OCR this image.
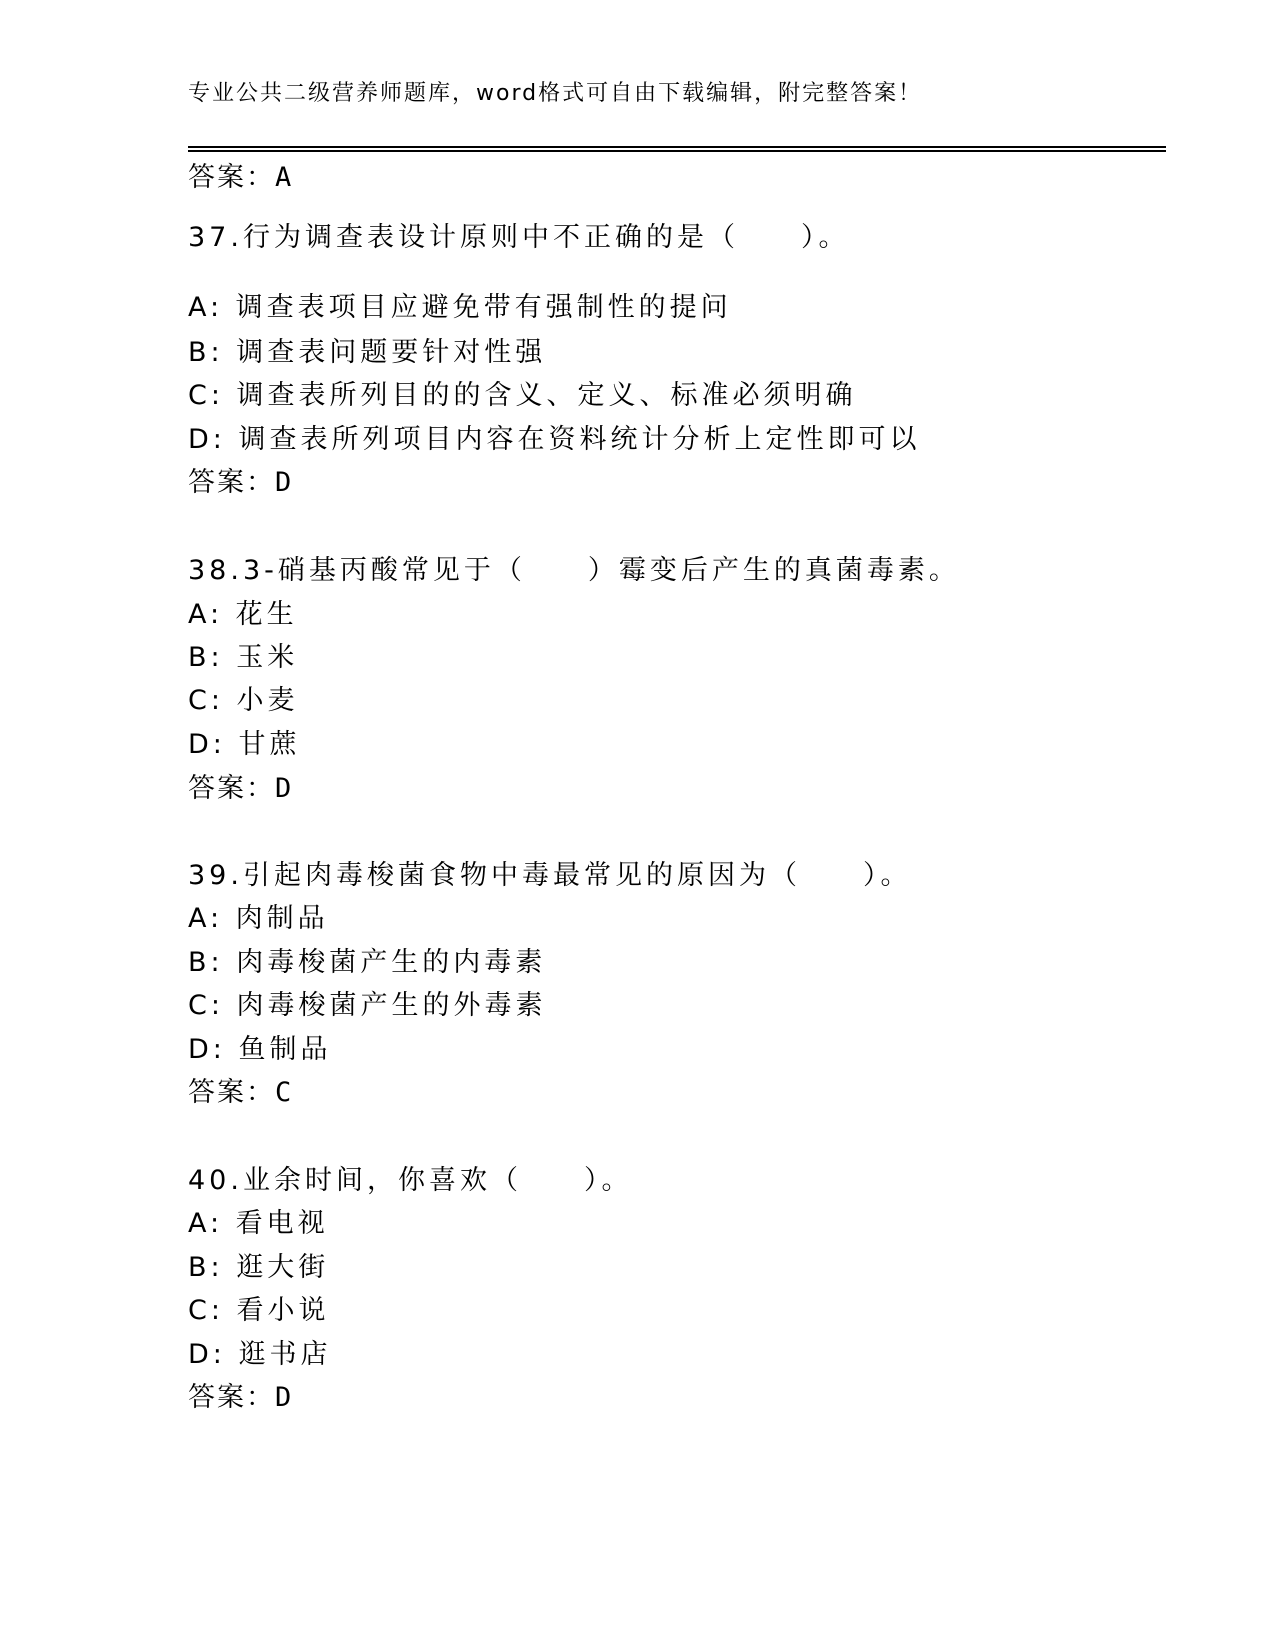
专业公共二级营养师题库，word格式可自由下载编辑，附完整答案！
答案：A
37.行为调查表设计原则中不正确的是（　　）。
A: 调查表项目应避免带有强制性的提问
B: 调查表问题要针对性强
C: 调查表所列目的的含义、定义、标准必须明确
D: 调查表所列项目内容在资料统计分析上定性即可以
答案：D
38.3-硝基丙酸常见于（　　）霉变后产生的真菌毒素。
A: 花生
B: 玉米
C: 小麦
D: 甘蔗
答案：D
39.引起肉毒梭菌食物中毒最常见的原因为（　　）。
A: 肉制品
B: 肉毒梭菌产生的内毒素
C: 肉毒梭菌产生的外毒素
D: 鱼制品
答案：C
40.业余时间，你喜欢（　　）。
A: 看电视
B: 逛大街
C: 看小说
D: 逛书店
答案：D
